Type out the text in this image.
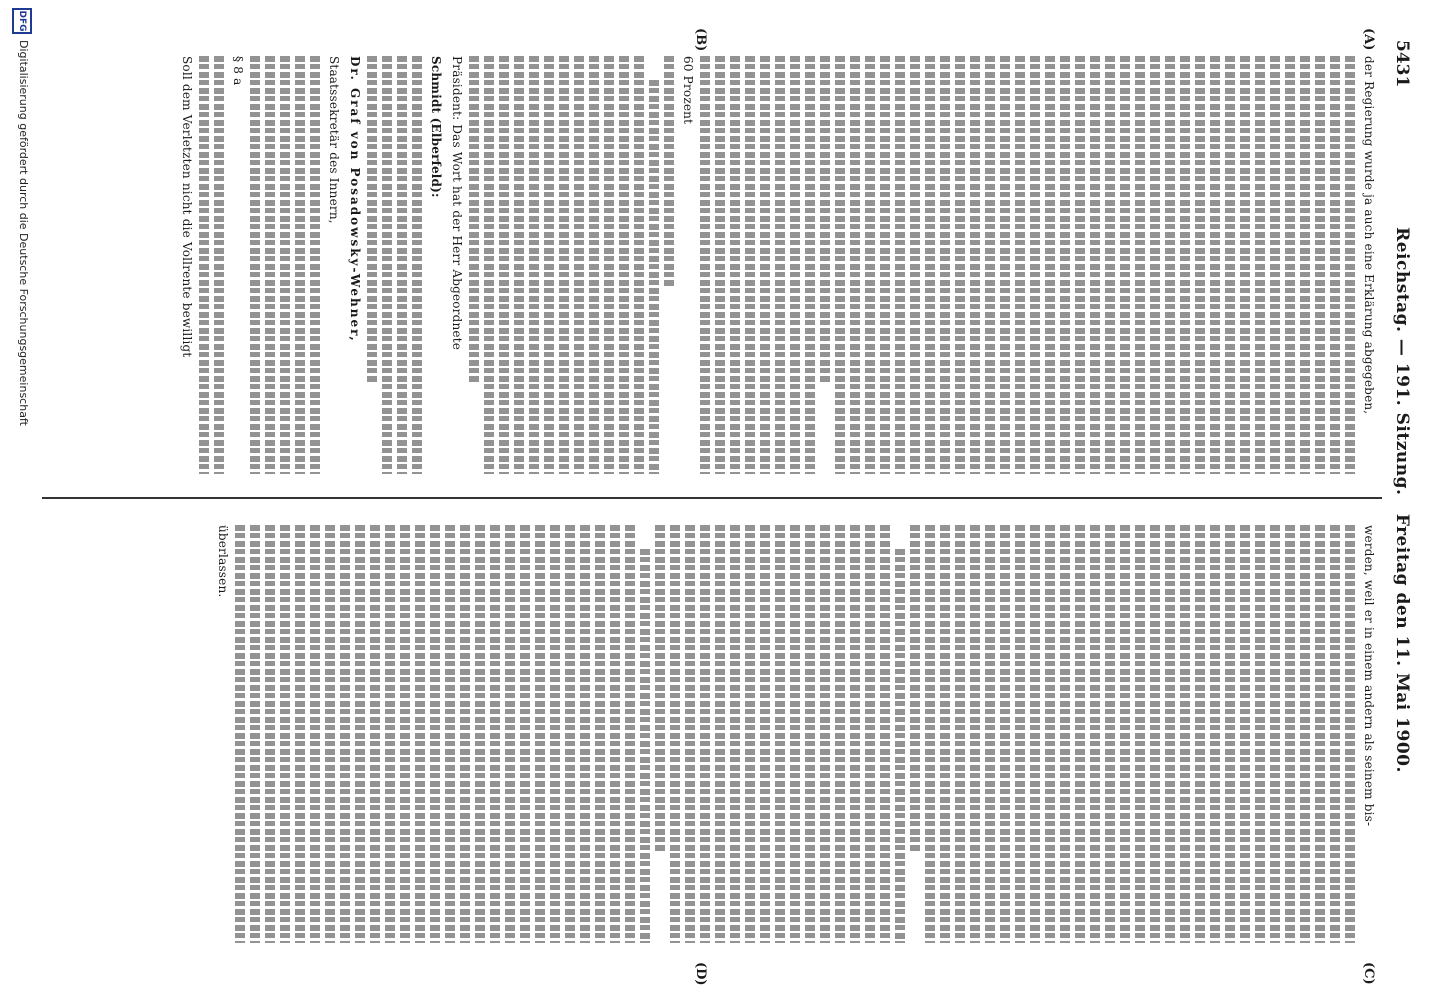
5431
Reichstag. — 191. Sitzung. Freitag den 11. Mai 1900.
(A)
(B)
(C)
(D)
der Regierung wurde ja auch eine Erklärung abgegeben,
60 Prozent
Präsident: Das Wort hat der Herr Abgeordnete
Schmidt (Elberfeld):
Dr. Graf von Posadowsky-Wehner,
Staatssekretär des Innern,
§ 8 a
Soll dem Verletzten nicht die Vollrente bewilligt
werden, weil er in einem andern als seinem bis-
überlassen.
DFG
Digitalisierung gefördert durch die Deutsche Forschungsgemeinschaft
